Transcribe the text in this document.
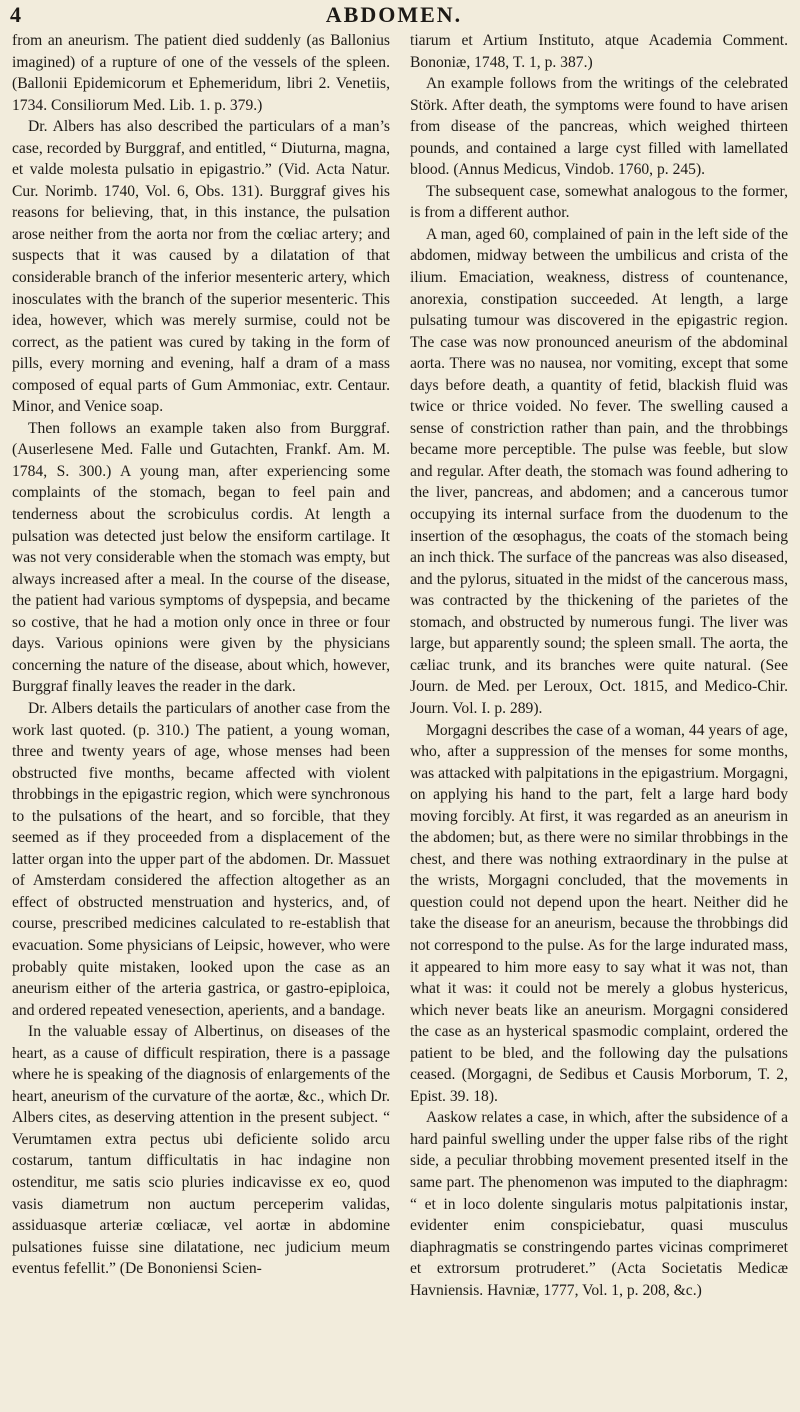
4	ABDOMEN.

from an aneurism. The patient died suddenly (as Ballonius imagined) of a rupture of one of the vessels of the spleen. (Ballonii Epidemicorum et Ephemeridum, libri 2. Venetiis, 1734. Consiliorum Med. Lib. 1. p. 379.)

Dr. Albers has also described the particulars of a man’s case, recorded by Burggraf, and entitled, “ Diuturna, magna, et valde molesta pulsatio in epigastrio.” (Vid. Acta Natur. Cur. Norimb. 1740, Vol. 6, Obs. 131). Burggraf gives his reasons for believing, that, in this instance, the pulsation arose neither from the aorta nor from the cœliac artery; and suspects that it was caused by a dilatation of that considerable branch of the inferior mesenteric artery, which inosculates with the branch of the superior mesenteric. This idea, however, which was merely surmise, could not be correct, as the patient was cured by taking in the form of pills, every morning and evening, half a dram of a mass composed of equal parts of Gum Ammoniac, extr. Centaur. Minor, and Venice soap.

Then follows an example taken also from Burggraf. (Auserlesene Med. Falle und Gutachten, Frankf. Am. M. 1784, S. 300.) A young man, after experiencing some complaints of the stomach, began to feel pain and tenderness about the scrobiculus cordis. At length a pulsation was detected just below the ensiform cartilage. It was not very considerable when the stomach was empty, but always increased after a meal. In the course of the disease, the patient had various symptoms of dyspepsia, and became so costive, that he had a motion only once in three or four days. Various opinions were given by the physicians concerning the nature of the disease, about which, however, Burggraf finally leaves the reader in the dark.

Dr. Albers details the particulars of another case from the work last quoted. (p. 310.) The patient, a young woman, three and twenty years of age, whose menses had been obstructed five months, became affected with violent throbbings in the epigastric region, which were synchronous to the pulsations of the heart, and so forcible, that they seemed as if they proceeded from a displacement of the latter organ into the upper part of the abdomen. Dr. Massuet of Amsterdam considered the affection altogether as an effect of obstructed menstruation and hysterics, and, of course, prescribed medicines calculated to re-establish that evacuation. Some physicians of Leipsic, however, who were probably quite mistaken, looked upon the case as an aneurism either of the arteria gastrica, or gastro-epiploica, and ordered repeated venesection, aperients, and a bandage.

In the valuable essay of Albertinus, on diseases of the heart, as a cause of difficult respiration, there is a passage where he is speaking of the diagnosis of enlargements of the heart, aneurism of the curvature of the aortæ, &c., which Dr. Albers cites, as deserving attention in the present subject. “ Verumtamen extra pectus ubi deficiente solido arcu costarum, tantum difficultatis in hac indagine non ostenditur, me satis scio pluries indicavisse ex eo, quod vasis diametrum non auctum perceperim validas, assiduasque arteriæ cœliacæ, vel aortæ in abdomine pulsationes fuisse sine dilatatione, nec judicium meum eventus fefellit.” (De Bononiensi Scien-

tiarum et Artium Instituto, atque Academia Comment. Bononiæ, 1748, T. 1, p. 387.)

An example follows from the writings of the celebrated Störk. After death, the symptoms were found to have arisen from disease of the pancreas, which weighed thirteen pounds, and contained a large cyst filled with lamellated blood. (Annus Medicus, Vindob. 1760, p. 245).

The subsequent case, somewhat analogous to the former, is from a different author.

A man, aged 60, complained of pain in the left side of the abdomen, midway between the umbilicus and crista of the ilium. Emaciation, weakness, distress of countenance, anorexia, constipation succeeded. At length, a large pulsating tumour was discovered in the epigastric region. The case was now pronounced aneurism of the abdominal aorta. There was no nausea, nor vomiting, except that some days before death, a quantity of fetid, blackish fluid was twice or thrice voided. No fever. The swelling caused a sense of constriction rather than pain, and the throbbings became more perceptible. The pulse was feeble, but slow and regular. After death, the stomach was found adhering to the liver, pancreas, and abdomen; and a cancerous tumor occupying its internal surface from the duodenum to the insertion of the œsophagus, the coats of the stomach being an inch thick. The surface of the pancreas was also diseased, and the pylorus, situated in the midst of the cancerous mass, was contracted by the thickening of the parietes of the stomach, and obstructed by numerous fungi. The liver was large, but apparently sound; the spleen small. The aorta, the cæliac trunk, and its branches were quite natural. (See Journ. de Med. per Leroux, Oct. 1815, and Medico-Chir. Journ. Vol. I. p. 289).

Morgagni describes the case of a woman, 44 years of age, who, after a suppression of the menses for some months, was attacked with palpitations in the epigastrium. Morgagni, on applying his hand to the part, felt a large hard body moving forcibly. At first, it was regarded as an aneurism in the abdomen; but, as there were no similar throbbings in the chest, and there was nothing extraordinary in the pulse at the wrists, Morgagni concluded, that the movements in question could not depend upon the heart. Neither did he take the disease for an aneurism, because the throbbings did not correspond to the pulse. As for the large indurated mass, it appeared to him more easy to say what it was not, than what it was: it could not be merely a globus hystericus, which never beats like an aneurism. Morgagni considered the case as an hysterical spasmodic complaint, ordered the patient to be bled, and the following day the pulsations ceased. (Morgagni, de Sedibus et Causis Morborum, T. 2, Epist. 39. 18).

Aaskow relates a case, in which, after the subsidence of a hard painful swelling under the upper false ribs of the right side, a peculiar throbbing movement presented itself in the same part. The phenomenon was imputed to the diaphragm: “ et in loco dolente singularis motus palpitationis instar, evidenter enim conspiciebatur, quasi musculus diaphragmatis se constringendo partes vicinas comprimeret et extrorsum protruderet.” (Acta Societatis Medicæ Havniensis. Havniæ, 1777, Vol. 1, p. 208, &c.)
